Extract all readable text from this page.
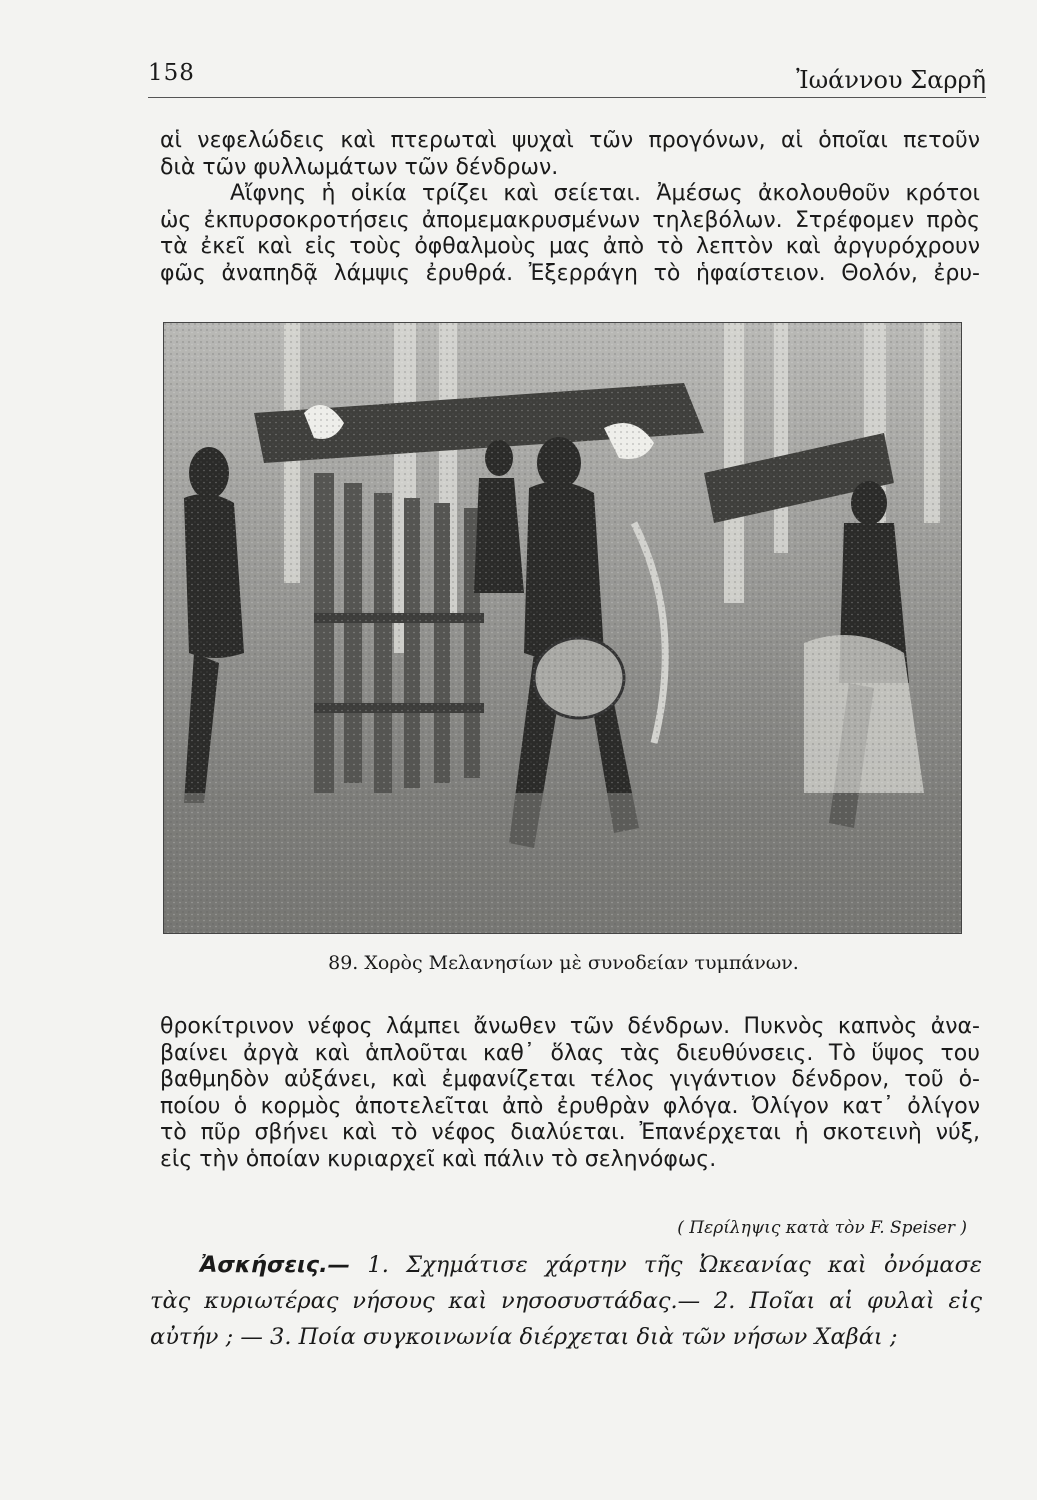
158	Ἰωάννου Σαρρῆ

αἱ νεφελώδεις καὶ πτερωταὶ ψυχαὶ τῶν προγόνων, αἱ ὁποῖαι πετοῦν
διὰ τῶν φυλλωμάτων τῶν δένδρων.
Αἴφνης ἡ οἰκία τρίζει καὶ σείεται. Ἀμέσως ἀκολουθοῦν κρότοι
ὡς ἐκπυρσοκροτήσεις ἀπομεμακρυσμένων τηλεβόλων. Στρέφομεν πρὸς
τὰ ἐκεῖ καὶ εἰς τοὺς ὀφθαλμοὺς μας ἀπὸ τὸ λεπτὸν καὶ ἀργυρόχρουν
φῶς ἀναπηδᾷ λάμψις ἐρυθρά. Ἐξερράγη τὸ ἡφαίστειον. Θολόν, ἐρυ-

89. Χορὸς Μελανησίων μὲ συνοδείαν τυμπάνων.

θροκίτρινον νέφος λάμπει ἄνωθεν τῶν δένδρων. Πυκνὸς καπνὸς ἀνα-
βαίνει ἀργὰ καὶ ἁπλοῦται καθ᾽ ὅλας τὰς διευθύνσεις. Τὸ ὕψος του
βαθμηδὸν αὐξάνει, καὶ ἐμφανίζεται τέλος γιγάντιον δένδρον, τοῦ ὁ-
ποίου ὁ κορμὸς ἀποτελεῖται ἀπὸ ἐρυθρὰν φλόγα. Ὀλίγον κατ᾽ ὀλίγον
τὸ πῦρ σβήνει καὶ τὸ νέφος διαλύεται. Ἐπανέρχεται ἡ σκοτεινὴ νύξ,
εἰς τὴν ὁποίαν κυριαρχεῖ καὶ πάλιν τὸ σεληνόφως.

( Περίληψις κατὰ τὸν F. Speiser )
Ἀσκήσεις.— 1. Σχημάτισε χάρτην τῆς Ὠκεανίας καὶ ὀνόμασε
τὰς κυριωτέρας νήσους καὶ νησοσυστάδας.— 2. Ποῖαι αἱ φυλαὶ εἰς
αὐτήν ; — 3. Ποία συγκοινωνία διέρχεται διὰ τῶν νήσων Χαβάι ;
